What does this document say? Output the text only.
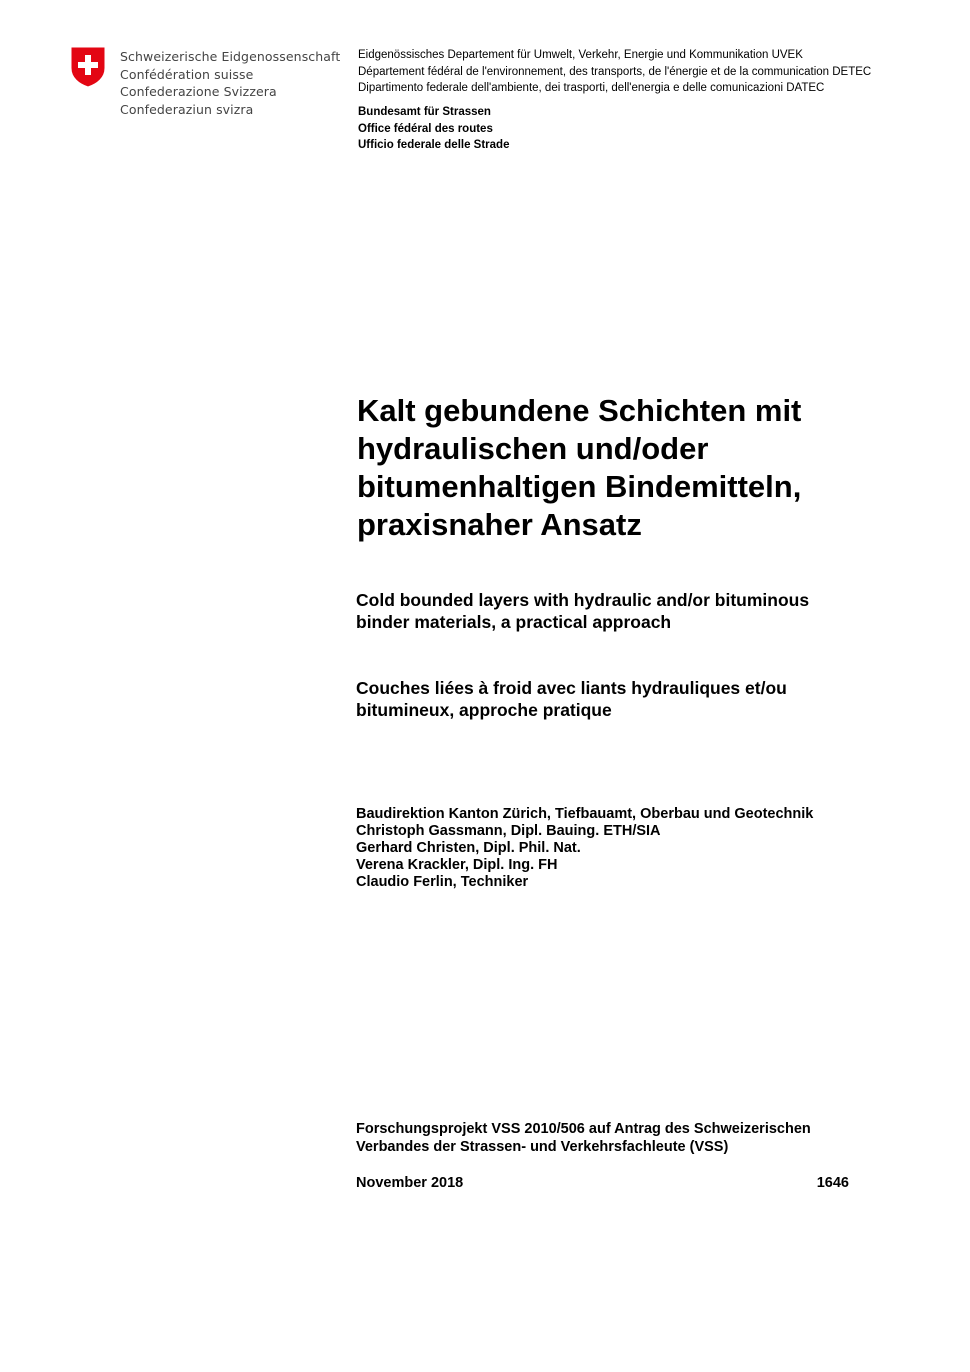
Schweizerische Eidgenossenschaft
Confédération suisse
Confederazione Svizzera
Confederaziun svizra
Eidgenössisches Departement für Umwelt, Verkehr, Energie und Kommunikation UVEK
Département fédéral de l'environnement, des transports, de l'énergie et de la communication DETEC
Dipartimento federale dell'ambiente, dei trasporti, dell'energia e delle comunicazioni DATEC
Bundesamt für Strassen
Office fédéral des routes
Ufficio federale delle Strade
Kalt gebundene Schichten mit
hydraulischen und/oder
bitumenhaltigen Bindemitteln,
praxisnaher Ansatz
Cold bounded layers with hydraulic and/or bituminous
binder materials, a practical approach
Couches liées à froid avec liants hydrauliques et/ou
bitumineux, approche pratique
Baudirektion Kanton Zürich, Tiefbauamt, Oberbau und Geotechnik
Christoph Gassmann, Dipl. Bauing. ETH/SIA
Gerhard Christen, Dipl. Phil. Nat.
Verena Krackler, Dipl. Ing. FH
Claudio Ferlin, Techniker
Forschungsprojekt VSS 2010/506 auf Antrag des Schweizerischen
Verbandes der Strassen- und Verkehrsfachleute (VSS)
November 2018	1646
